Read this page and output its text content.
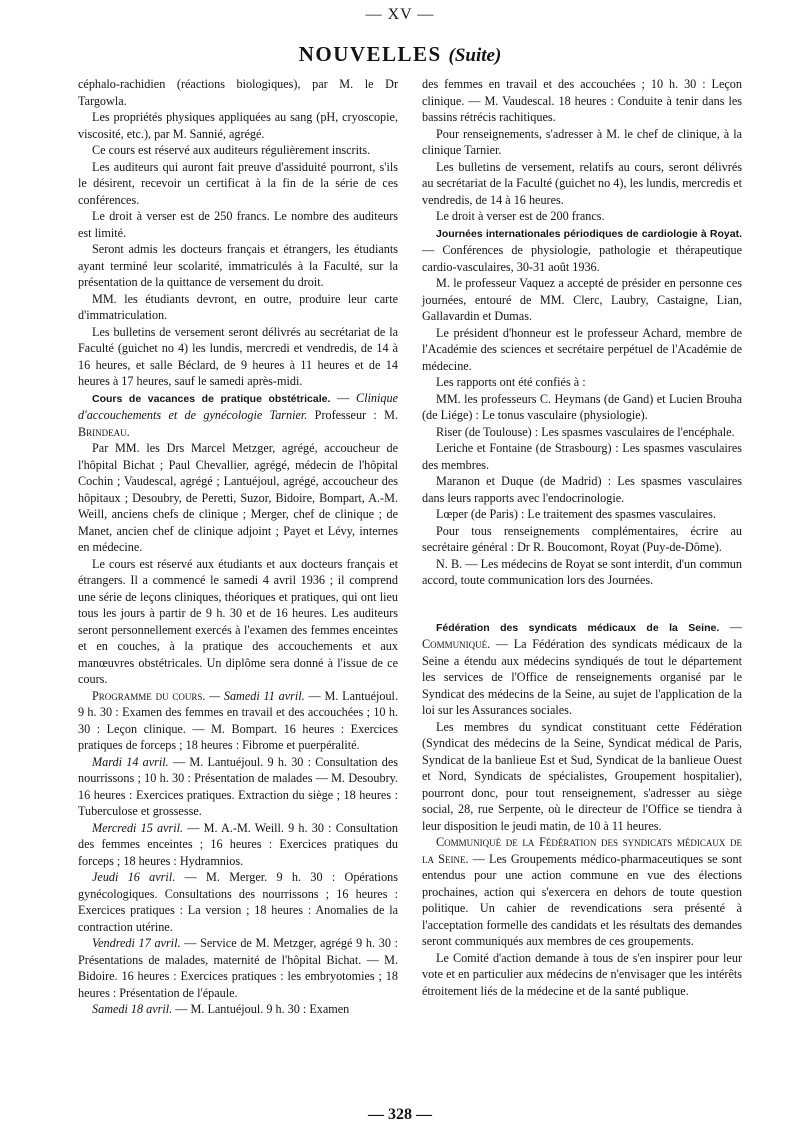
— XV —
NOUVELLES (Suite)

céphalo-rachidien (réactions biologiques), par M. le Dr Targowla.

Les propriétés physiques appliquées au sang (pH, cryoscopie, viscosité, etc.), par M. Sannié, agrégé.

Ce cours est réservé aux auditeurs régulièrement inscrits.

Les auditeurs qui auront fait preuve d'assiduité pourront, s'ils le désirent, recevoir un certificat à la fin de la série de ces conférences.

Le droit à verser est de 250 francs. Le nombre des auditeurs est limité.

Seront admis les docteurs français et étrangers, les étudiants ayant terminé leur scolarité, immatriculés à la Faculté, sur la présentation de la quittance de versement du droit.

MM. les étudiants devront, en outre, produire leur carte d'immatriculation.

Les bulletins de versement seront délivrés au secrétariat de la Faculté (guichet no 4) les lundis, mercredi et vendredis, de 14 à 16 heures, et salle Béclard, de 9 heures à 11 heures et de 14 heures à 17 heures, sauf le samedi après-midi.

Cours de vacances de pratique obstétricale. — Clinique d'accouchements et de gynécologie Tarnier. Professeur : M. Brindeau.

Par MM. les Drs Marcel Metzger, agrégé, accoucheur de l'hôpital Bichat ; Paul Chevallier, agrégé, médecin de l'hôpital Cochin ; Vaudescal, agrégé ; Lantuéjoul, agrégé, accoucheur des hôpitaux ; Desoubry, de Peretti, Suzor, Bidoire, Bompart, A.-M. Weill, anciens chefs de clinique ; Merger, chef de clinique ; de Manet, ancien chef de clinique adjoint ; Payet et Lévy, internes en médecine.

Le cours est réservé aux étudiants et aux docteurs français et étrangers. Il a commencé le samedi 4 avril 1936 ; il comprend une série de leçons cliniques, théoriques et pratiques, qui ont lieu tous les jours à partir de 9 h. 30 et de 16 heures. Les auditeurs seront personnellement exercés à l'examen des femmes enceintes et en couches, à la pratique des accouchements et aux manœuvres obstétricales. Un diplôme sera donné à l'issue de ce cours.

Programme du cours. — Samedi 11 avril. — M. Lantuéjoul. 9 h. 30 : Examen des femmes en travail et des accouchées ; 10 h. 30 : Leçon clinique. — M. Bompart. 16 heures : Exercices pratiques de forceps ; 18 heures : Fibrome et puerpéralité.

Mardi 14 avril. — M. Lantuéjoul. 9 h. 30 : Consultation des nourrissons ; 10 h. 30 : Présentation de malades — M. Desoubry. 16 heures : Exercices pratiques. Extraction du siège ; 18 heures : Tuberculose et grossesse.

Mercredi 15 avril. — M. A.-M. Weill. 9 h. 30 : Consultation des femmes enceintes ; 16 heures : Exercices pratiques du forceps ; 18 heures : Hydramnios.

Jeudi 16 avril. — M. Merger. 9 h. 30 : Opérations gynécologiques. Consultations des nourrissons ; 16 heures : Exercices pratiques : La version ; 18 heures : Anomalies de la contraction utérine.

Vendredi 17 avril. — Service de M. Metzger, agrégé 9 h. 30 : Présentations de malades, maternité de l'hôpital Bichat. — M. Bidoire. 16 heures : Exercices pratiques : les embryotomies ; 18 heures : Présentation de l'épaule.

Samedi 18 avril. — M. Lantuéjoul. 9 h. 30 : Examen

des femmes en travail et des accouchées ; 10 h. 30 : Leçon clinique. — M. Vaudescal. 18 heures : Conduite à tenir dans les bassins rétrécis rachitiques.

Pour renseignements, s'adresser à M. le chef de clinique, à la clinique Tarnier.

Les bulletins de versement, relatifs au cours, seront délivrés au secrétariat de la Faculté (guichet no 4), les lundis, mercredis et vendredis, de 14 à 16 heures.

Le droit à verser est de 200 francs.

Journées internationales périodiques de cardiologie à Royat. — Conférences de physiologie, pathologie et thérapeutique cardio-vasculaires, 30-31 août 1936.

M. le professeur Vaquez a accepté de présider en personne ces journées, entouré de MM. Clerc, Laubry, Castaigne, Lian, Gallavardin et Dumas.

Le président d'honneur est le professeur Achard, membre de l'Académie des sciences et secrétaire perpétuel de l'Académie de médecine.

Les rapports ont été confiés à :

MM. les professeurs C. Heymans (de Gand) et Lucien Brouha (de Liége) : Le tonus vasculaire (physiologie).

Riser (de Toulouse) : Les spasmes vasculaires de l'encéphale.

Leriche et Fontaine (de Strasbourg) : Les spasmes vasculaires des membres.

Maranon et Duque (de Madrid) : Les spasmes vasculaires dans leurs rapports avec l'endocrinologie.

Lœper (de Paris) : Le traitement des spasmes vasculaires.

Pour tous renseignements complémentaires, écrire au secrétaire général : Dr R. Boucomont, Royat (Puy-de-Dôme).

N. B. — Les médecins de Royat se sont interdit, d'un commun accord, toute communication lors des Journées.

Fédération des syndicats médicaux de la Seine. — Communiqué. — La Fédération des syndicats médicaux de la Seine a étendu aux médecins syndiqués de tout le département les services de l'Office de renseignements organisé par le Syndicat des médecins de la Seine, au sujet de l'application de la loi sur les Assurances sociales.

Les membres du syndicat constituant cette Fédération (Syndicat des médecins de la Seine, Syndicat médical de Paris, Syndicat de la banlieue Est et Sud, Syndicat de la banlieue Ouest et Nord, Syndicats de spécialistes, Groupement hospitalier), pourront donc, pour tout renseignement, s'adresser au siège social, 28, rue Serpente, où le directeur de l'Office se tiendra à leur disposition le jeudi matin, de 10 à 11 heures.

Communiqué de la Fédération des syndicats médicaux de la Seine. — Les Groupements médico-pharmaceutiques se sont entendus pour une action commune en vue des élections prochaines, action qui s'exercera en dehors de toute question politique. Un cahier de revendications sera présenté à l'acceptation formelle des candidats et les résultats des demandes seront communiqués aux membres de ces groupements.

Le Comité d'action demande à tous de s'en inspirer pour leur vote et en particulier aux médecins de n'envisager que les intérêts étroitement liés de la médecine et de la santé publique.

— 328 —
